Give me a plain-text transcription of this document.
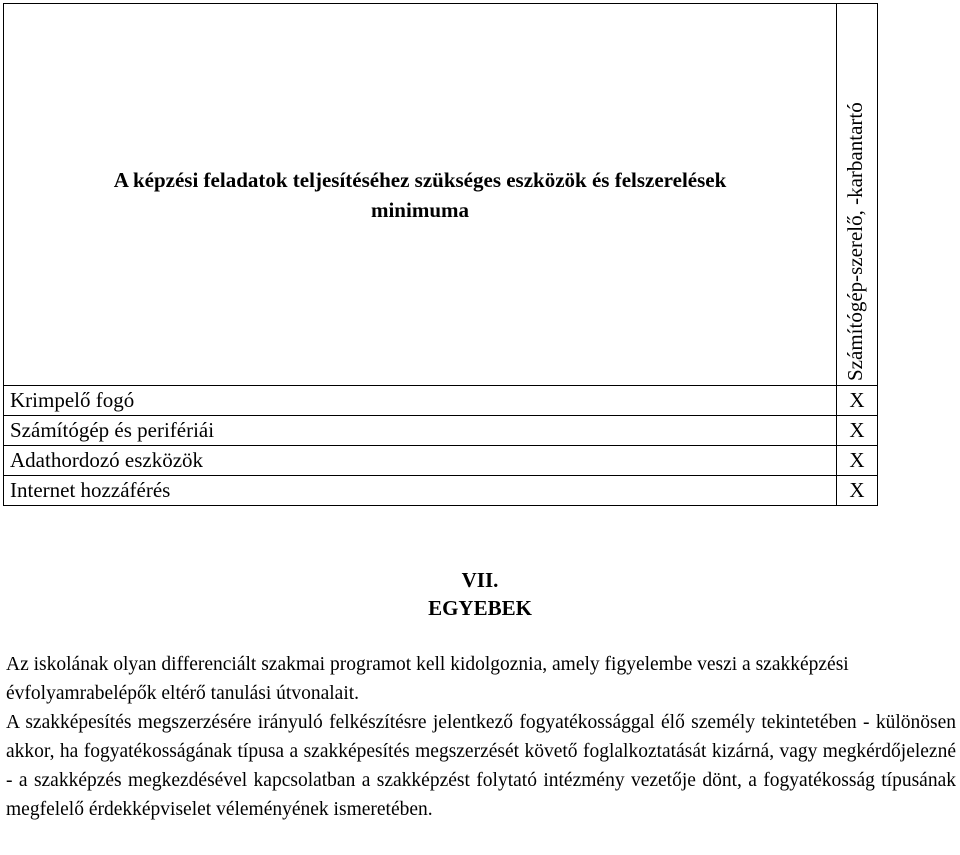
A képzési feladatok teljesítéséhez szükséges eszközök és felszerelések minimuma	Számítógép-szerelő, -karbantartó

Krimpelő fogó	X
Számítógép és perifériái	X
Adathordozó eszközök	X
Internet hozzáférés	X
VII.
EGYEBEK

Az iskolának olyan differenciált szakmai programot kell kidolgoznia, amely figyelembe veszi a szakképzési évfolyamrabelépők eltérő tanulási útvonalait.

A szakképesítés megszerzésére irányuló felkészítésre jelentkező fogyatékossággal élő személy tekintetében - különösen akkor, ha fogyatékosságának típusa a szakképesítés megszerzését követő foglalkoztatását kizárná, vagy megkérdőjelezné - a szakképzés megkezdésével kapcsolatban a szakképzést folytató intézmény vezetője dönt, a fogyatékosság típusának megfelelő érdekképviselet véleményének ismeretében.
